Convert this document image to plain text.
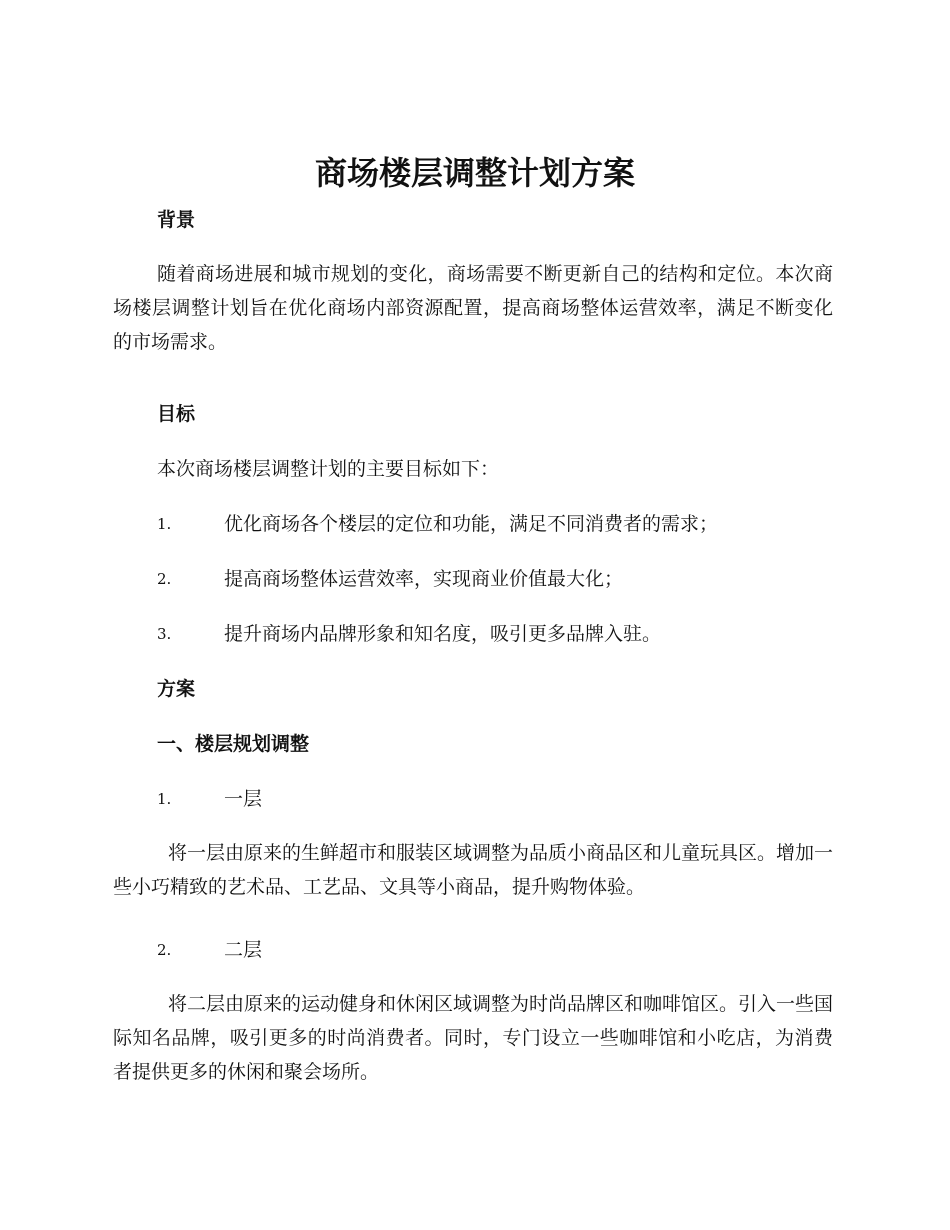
商场楼层调整计划方案
背景

随着商场进展和城市规划的变化，商场需要不断更新自己的结构和定位。本次商场楼层调整计划旨在优化商场内部资源配置，提高商场整体运营效率，满足不断变化的市场需求。

目标

本次商场楼层调整计划的主要目标如下：

1.	优化商场各个楼层的定位和功能，满足不同消费者的需求；
2.	提高商场整体运营效率，实现商业价值最大化；
3.	提升商场内品牌形象和知名度，吸引更多品牌入驻。
方案
一、楼层规划调整
1.	一层

将一层由原来的生鲜超市和服装区域调整为品质小商品区和儿童玩具区。增加一些小巧精致的艺术品、工艺品、文具等小商品，提升购物体验。

2.	二层

将二层由原来的运动健身和休闲区域调整为时尚品牌区和咖啡馆区。引入一些国际知名品牌，吸引更多的时尚消费者。同时，专门设立一些咖啡馆和小吃店，为消费者提供更多的休闲和聚会场所。
